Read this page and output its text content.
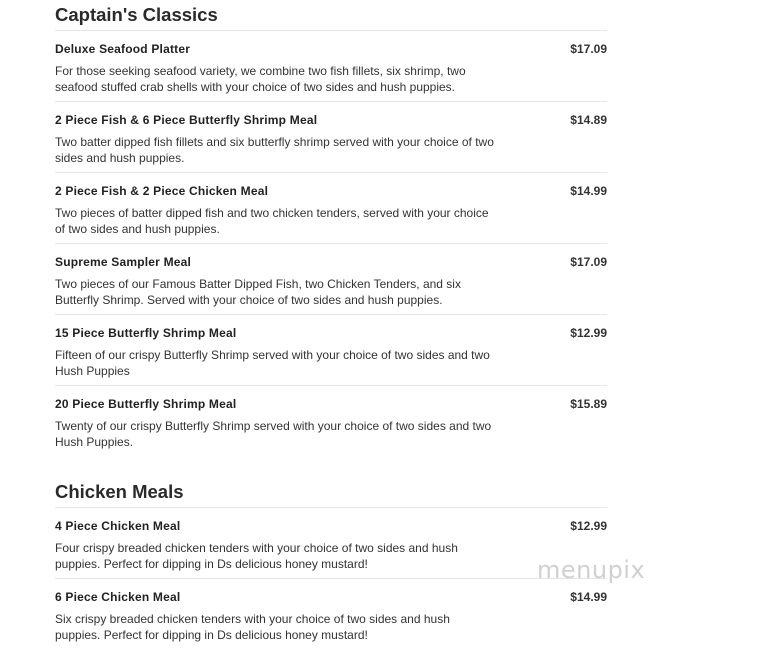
Captain's Classics
Deluxe Seafood Platter	$17.09
For those seeking seafood variety, we combine two fish fillets, six shrimp, two seafood stuffed crab shells with your choice of two sides and hush puppies.
2 Piece Fish & 6 Piece Butterfly Shrimp Meal	$14.89
Two batter dipped fish fillets and six butterfly shrimp served with your choice of two sides and hush puppies.
2 Piece Fish & 2 Piece Chicken Meal	$14.99
Two pieces of batter dipped fish and two chicken tenders, served with your choice of two sides and hush puppies.
Supreme Sampler Meal	$17.09
Two pieces of our Famous Batter Dipped Fish, two Chicken Tenders, and six Butterfly Shrimp. Served with your choice of two sides and hush puppies.
15 Piece Butterfly Shrimp Meal	$12.99
Fifteen of our crispy Butterfly Shrimp served with your choice of two sides and two Hush Puppies
20 Piece Butterfly Shrimp Meal	$15.89
Twenty of our crispy Butterfly Shrimp served with your choice of two sides and two Hush Puppies.
Chicken Meals
4 Piece Chicken Meal	$12.99
Four crispy breaded chicken tenders with your choice of two sides and hush puppies. Perfect for dipping in Ds delicious honey mustard!
6 Piece Chicken Meal	$14.99
Six crispy breaded chicken tenders with your choice of two sides and hush puppies. Perfect for dipping in Ds delicious honey mustard!
menupix
